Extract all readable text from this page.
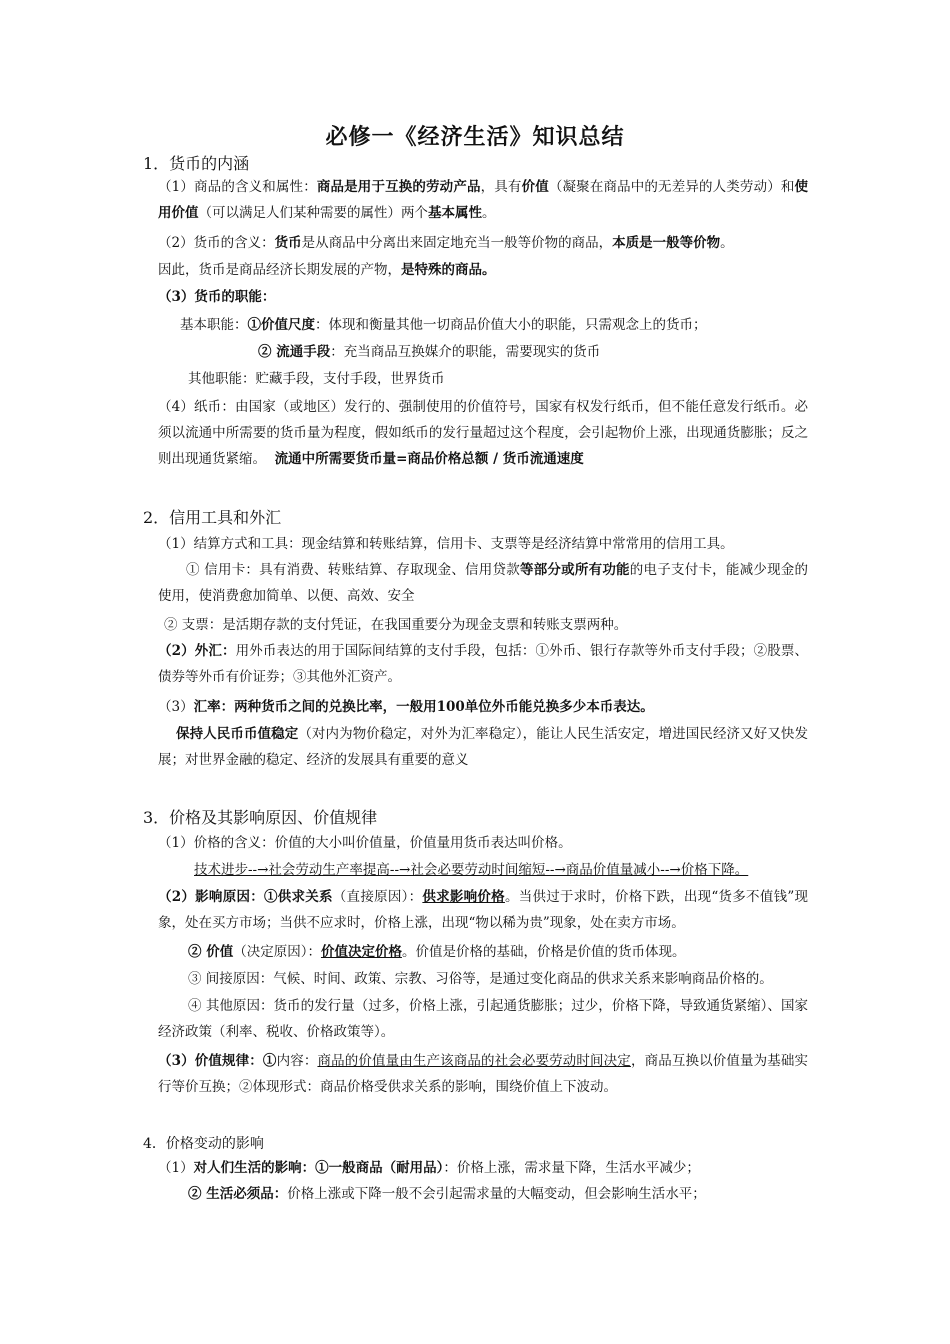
必修一《经济生活》知识总结
1．货币的内涵
（1）商品的含义和属性：商品是用于互换的劳动产品，具有价值（凝聚在商品中的无差异的人类劳动）和使用价值（可以满足人们某种需要的属性）两个基本属性。
（2）货币的含义：货币是从商品中分离出来固定地充当一般等价物的商品，本质是一般等价物。
因此，货币是商品经济长期发展的产物，是特殊的商品。
（3）货币的职能：
基本职能：①价值尺度：体现和衡量其他一切商品价值大小的职能，只需观念上的货币；
② 流通手段：充当商品互换媒介的职能，需要现实的货币
其他职能：贮藏手段，支付手段，世界货币
（4）纸币：由国家（或地区）发行的、强制使用的价值符号，国家有权发行纸币，但不能任意发行纸币。必须以流通中所需要的货币量为程度，假如纸币的发行量超过这个程度，会引起物价上涨，出现通货膨胀；反之则出现通货紧缩。 流通中所需要货币量=商品价格总额 / 货币流通速度
2．信用工具和外汇
（1）结算方式和工具：现金结算和转账结算，信用卡、支票等是经济结算中常常用的信用工具。
① 信用卡：具有消费、转账结算、存取现金、信用贷款等部分或所有功能的电子支付卡，能减少现金的使用，使消费愈加简单、以便、高效、安全
② 支票：是活期存款的支付凭证，在我国重要分为现金支票和转账支票两种。
（2）外汇：用外币表达的用于国际间结算的支付手段，包括：①外币、银行存款等外币支付手段；②股票、债券等外币有价证券；③其他外汇资产。
（3）汇率：两种货币之间的兑换比率，一般用100单位外币能兑换多少本币表达。
保持人民币币值稳定（对内为物价稳定，对外为汇率稳定），能让人民生活安定，增进国民经济又好又快发展；对世界金融的稳定、经济的发展具有重要的意义
3．价格及其影响原因、价值规律
（1）价格的含义：价值的大小叫价值量，价值量用货币表达叫价格。
技术进步--→社会劳动生产率提高--→社会必要劳动时间缩短--→商品价值量减小--→价格下降。
（2）影响原因：①供求关系（直接原因）：供求影响价格。当供过于求时，价格下跌，出现“货多不值钱”现象，处在买方市场；当供不应求时，价格上涨，出现“物以稀为贵”现象，处在卖方市场。
② 价值（决定原因）：价值决定价格。价值是价格的基础，价格是价值的货币体现。
③ 间接原因：气候、时间、政策、宗教、习俗等，是通过变化商品的供求关系来影响商品价格的。
④ 其他原因：货币的发行量（过多，价格上涨，引起通货膨胀；过少，价格下降，导致通货紧缩）、国家经济政策（利率、税收、价格政策等）。
（3）价值规律：①内容：商品的价值量由生产该商品的社会必要劳动时间决定，商品互换以价值量为基础实行等价互换；②体现形式：商品价格受供求关系的影响，围绕价值上下波动。
4．价格变动的影响
（1）对人们生活的影响：①一般商品（耐用品）：价格上涨，需求量下降，生活水平减少；
② 生活必须品：价格上涨或下降一般不会引起需求量的大幅变动，但会影响生活水平；
